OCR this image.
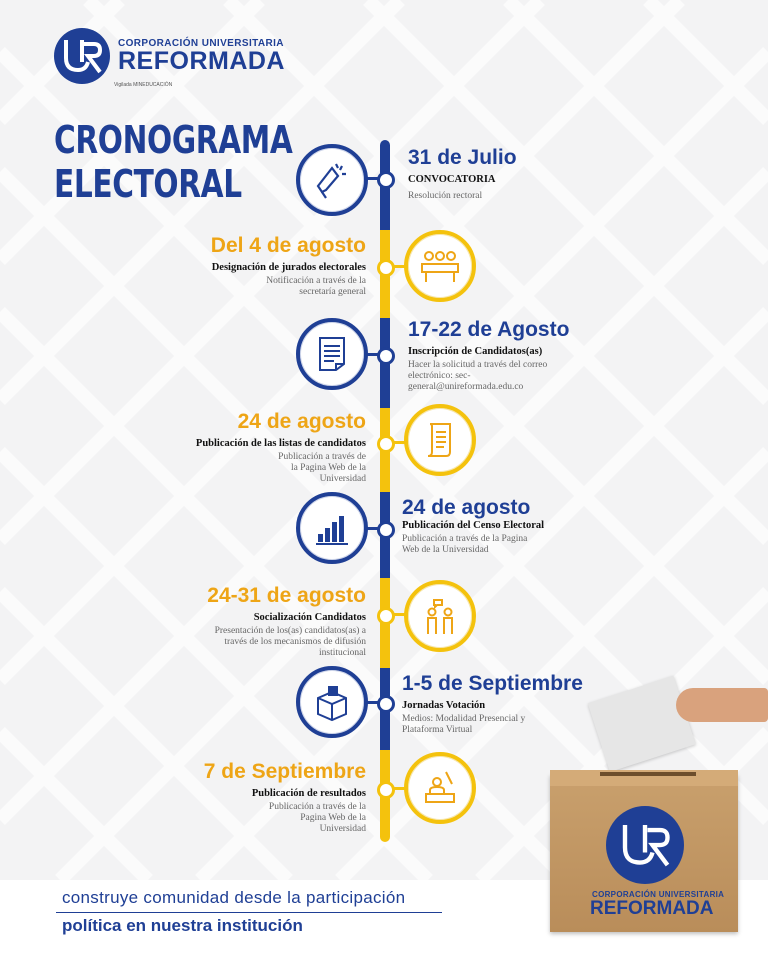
CORPORACIÓN UNIVERSITARIA
REFORMADA
Vigilada MINEDUCACIÓN
CRONOGRAMA
ELECTORAL
31 de Julio
CONVOCATORIA
Resolución rectoral
Del 4 de agosto
Designación de jurados electorales
Notificación a través de la secretaría general
17-22 de Agosto
Inscripción de Candidatos(as)
Hacer la solicitud a través del correo electrónico: sec-general@unireformada.edu.co
24 de agosto
Publicación de las listas de candidatos
Publicación a través de la Pagina Web de la Universidad
24 de agosto
Publicación del Censo Electoral
Publicación a través de la Pagina Web de la Universidad
24-31 de agosto
Socialización Candidatos
Presentación de los(as) candidatos(as) a través de los mecanismos de difusión institucional
1-5 de Septiembre
Jornadas Votación
Medios: Modalidad Presencial y Plataforma Virtual
7 de Septiembre
Publicación de resultados
Publicación a través de la Pagina Web de la Universidad
construye comunidad desde la participación
política en nuestra institución
CORPORACIÓN UNIVERSITARIA
REFORMADA
